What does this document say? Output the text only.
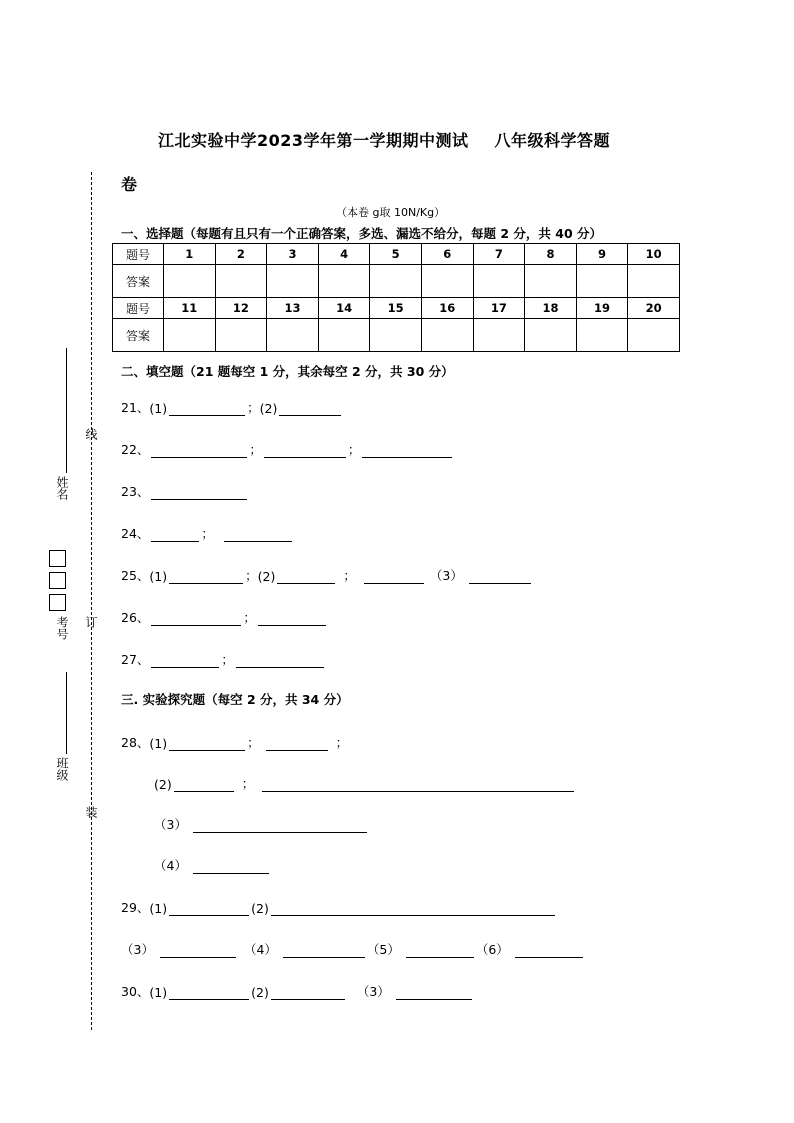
江北实验中学2023学年第一学期期中测试 八年级科学答题
卷
（本卷 g取 10N/Kg）
一、选择题（每题有且只有一个正确答案，多选、漏选不给分，每题 2 分，共 40 分）
题号	1	2	3	4	5	6	7	8	9	10
答案										
题号	11	12	13	14	15	16	17	18	19	20
答案										
二、填空题（21 题每空 1 分，其余每空 2 分，共 30 分）
21、 (1)	； (2)
22、	；	；
23、
24、	；
25、 (1)	； (2)	；	（3）
26、	；
27、	；
三. 实验探究题（每空 2 分，共 34 分）
28、 (1)	；	；
(2)	；
（3）
（4）
29、 (1)	(2)
（3）	（4）	（5）	（6）
30、 (1)	(2)	（3）
姓名
线
考号 订
班级
装
